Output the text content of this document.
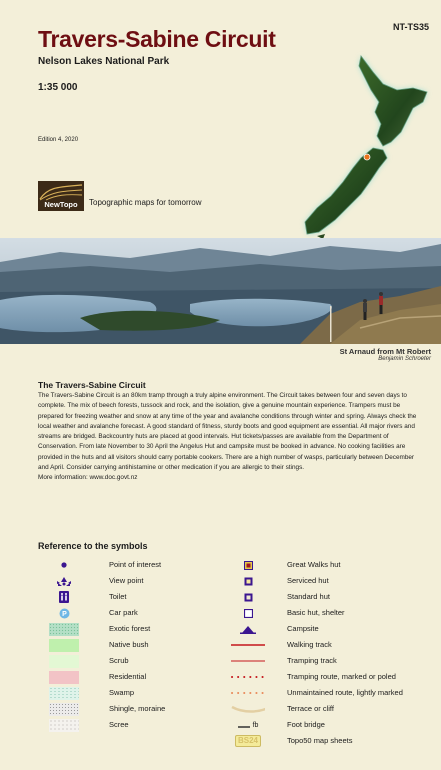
NT-TS35
Travers-Sabine Circuit
Nelson Lakes National Park
1:35 000
Edition 4, 2020
NewTopo	Topographic maps for tomorrow
St Arnaud from Mt Robert
Benjamin Schroeter
The Travers-Sabine Circuit

The Travers-Sabine Circuit is an 80km tramp through a truly alpine environment. The Circuit takes between four and seven days to complete. The mix of beech forests, tussock and rock, and the isolation, give a genuine mountain experience. Trampers must be prepared for freezing weather and snow at any time of the year and avalanche conditions through winter and spring. Always check the local weather and avalanche forecast. A good standard of fitness, sturdy boots and good equipment are essential. All major rivers and streams are bridged. Backcountry huts are placed at good intervals. Hut tickets/passes are available from the Department of Conservation. From late November to 30 April the Angelus Hut and campsite must be booked in advance. No cooking facilities are provided in the huts and all visitors should carry portable cookers. There are a high number of wasps, particularly between December and April. Consider carrying antihistamine or other medication if you are allergic to their stings.
More information: www.doc.govt.nz

Reference to the symbols
Point of interest
View point
Toilet
P	Car park
Exotic forest
Native bush
Scrub
Residential
Swamp
Shingle, moraine
Scree
Great Walks hut
Serviced hut
Standard hut
Basic hut, shelter
Campsite
Walking track
Tramping track
Tramping route, marked or poled
Unmaintained route, lightly marked
Terrace or cliff
fb	Foot bridge
BS24	Topo50 map sheets
